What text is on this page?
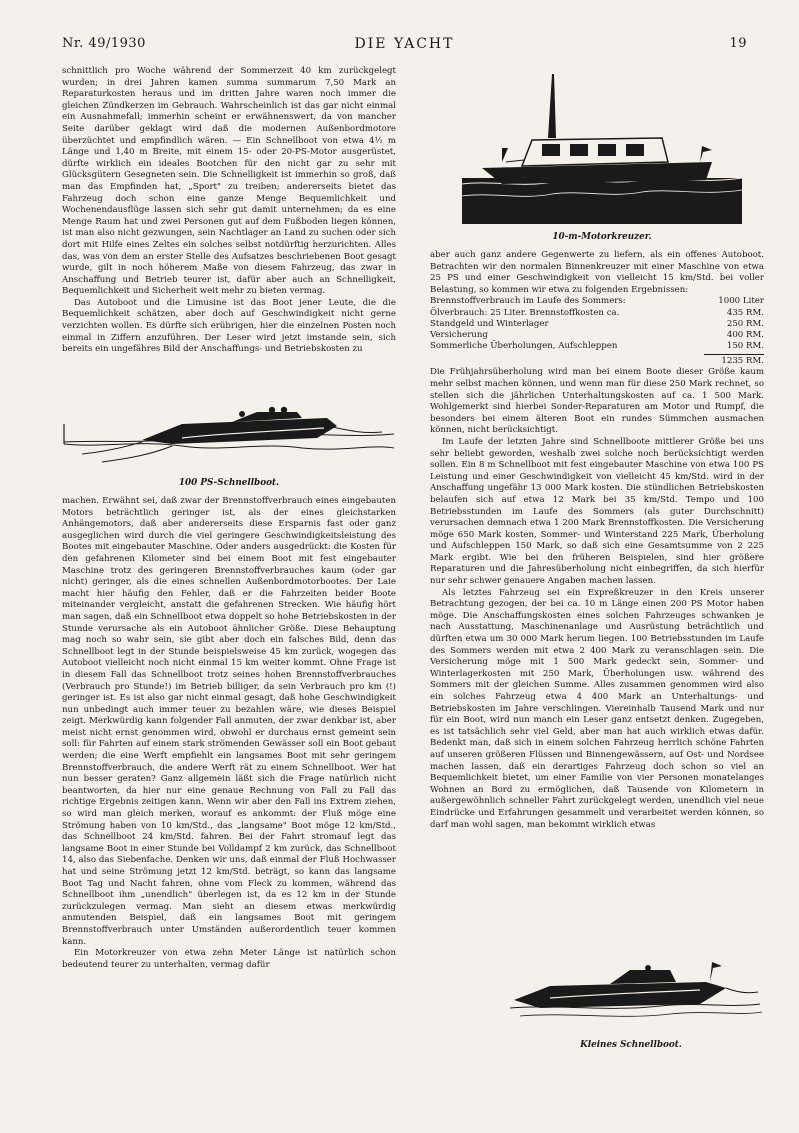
Nr. 49/1930	DIE YACHT	19

schnittlich pro Woche während der Sommerzeit 40 km zurückgelegt wurden; in drei Jahren kamen summa summarum 7,50 Mark an Reparaturkosten heraus und im dritten Jahre waren noch immer die gleichen Zündkerzen im Gebrauch. Wahrscheinlich ist das gar nicht einmal ein Ausnahmefall; immerhin scheint er erwähnenswert, da von mancher Seite darüber geklagt wird daß die modernen Außenbordmotore überzüchtet und empfindlich wären. — Ein Schnellboot von etwa 4½ m Länge und 1,40 m Breite, mit einem 15- oder 20-PS-Motor ausgerüstet, dürfte wirklich ein ideales Bootchen für den nicht gar zu sehr mit Glücksgütern Gesegneten sein. Die Schnelligkeit ist immerhin so groß, daß man das Empfinden hat, „Sport" zu treiben; andererseits bietet das Fahrzeug doch schon eine ganze Menge Bequemlichkeit und Wochenendausflüge lassen sich sehr gut damit unternehmen; da es eine Menge Raum hat und zwei Personen gut auf dem Fußboden liegen können, ist man also nicht gezwungen, sein Nachtlager an Land zu suchen oder sich dort mit Hilfe eines Zeltes ein solches selbst notdürftig herzurichten. Alles das, was von dem an erster Stelle des Aufsatzes beschriebenen Boot gesagt wurde, gilt in noch höherem Maße von diesem Fahrzeug, das zwar in Anschaffung und Betrieb teurer ist, dafür aber auch an Schnelligkeit, Bequemlichkeit und Sicherheit weit mehr zu bieten vermag.

Das Autoboot und die Limusine ist das Boot jener Leute, die die Bequemlichkeit schätzen, aber doch auf Geschwindigkeit nicht gerne verzichten wollen. Es dürfte sich erübrigen, hier die einzelnen Posten noch einmal in Ziffern anzuführen. Der Leser wird jetzt imstande sein, sich bereits ein ungefähres Bild der Anschaffungs- und Betriebskosten zu

100 PS-Schnellboot.

machen. Erwähnt sei, daß zwar der Brennstoffverbrauch eines eingebauten Motors beträchtlich geringer ist, als der eines gleichstarken Anhängemotors, daß aber andererseits diese Ersparnis fast oder ganz ausgeglichen wird durch die viel geringere Geschwindigkeitsleistung des Bootes mit eingebauter Maschine. Oder anders ausgedrückt: die Kosten für den gefahrenen Kilometer sind bei einem Boot mit fest eingebauter Maschine trotz des geringeren Brennstoffverbrauches kaum (oder gar nicht) geringer, als die eines schnellen Außenbordmotorbootes. Der Laie macht hier häufig den Fehler, daß er die Fahrzeiten beider Boote miteinander vergleicht, anstatt die gefahrenen Strecken. Wie häufig hört man sagen, daß ein Schnellboot etwa doppelt so hohe Betriebskosten in der Stunde verursache als ein Autoboot ähnlicher Größe. Diese Behauptung mag noch so wahr sein, sie gibt aber doch ein falsches Bild, denn das Schnellboot legt in der Stunde beispielsweise 45 km zurück, wogegen das Autoboot vielleicht noch nicht einmal 15 km weiter kommt. Ohne Frage ist in diesem Fall das Schnellboot trotz seines hohen Brennstoffverbrauches (Verbrauch pro Stunde!) im Betrieb billiger, da sein Verbrauch pro km (!) geringer ist. Es ist also gar nicht einmal gesagt, daß hohe Geschwindigkeit nun unbedingt auch immer teuer zu bezahlen wäre, wie dieses Beispiel zeigt. Merkwürdig kann folgender Fall anmuten, der zwar denkbar ist, aber meist nicht ernst genommen wird, obwohl er durchaus ernst gemeint sein soll: für Fahrten auf einem stark strömenden Gewässer soll ein Boot gebaut werden; die eine Werft empfiehlt ein langsames Boot mit sehr geringem Brennstoffverbrauch, die andere Werft rät zu einem Schnellboot. Wer hat nun besser geraten? Ganz allgemein läßt sich die Frage natürlich nicht beantworten, da hier nur eine genaue Rechnung von Fall zu Fall das richtige Ergebnis zeitigen kann. Wenn wir aber den Fall ins Extrem ziehen, so wird man gleich merken, worauf es ankommt: der Fluß möge eine Strömung haben von 10 km/Std., das „langsame" Boot möge 12 km/Std., das Schnellboot 24 km/Std. fahren. Bei der Fahrt stromauf legt das langsame Boot in einer Stunde bei Volldampf 2 km zurück, das Schnellboot 14, also das Siebenfache. Denken wir uns, daß einmal der Fluß Hochwasser hat und seine Strömung jetzt 12 km/Std. beträgt, so kann das langsame Boot Tag und Nacht fahren, ohne vom Fleck zu kommen, während das Schnellboot ihm „unendlich" überlegen ist, da es 12 km in der Stunde zurückzulegen vermag. Man sieht an diesem etwas merkwürdig anmutenden Beispiel, daß ein langsames Boot mit geringem Brennstoffverbrauch unter Umständen außerordentlich teuer kommen kann.

Ein Motorkreuzer von etwa zehn Meter Länge ist natürlich schon bedeutend teurer zu unterhalten, vermag dafür

10-m-Motorkreuzer.

aber auch ganz andere Gegenwerte zu liefern, als ein offenes Autoboot. Betrachten wir den normalen Binnenkreuzer mit einer Maschine von etwa 25 PS und einer Geschwindigkeit von vielleicht 15 km/Std. bei voller Belastung, so kommen wir etwa zu folgenden Ergebnissen:

Brennstoffverbrauch im Laufe des Sommers:	1000 Liter
Ölverbrauch: 25 Liter. Brennstoffkosten ca.	435 RM.
Standgeld und Winterlager	250 RM.
Versicherung	400 RM.
Sommerliche Überholungen, Aufschleppen	150 RM.
1235 RM.

Die Frühjahrsüberholung wird man bei einem Boote dieser Größe kaum mehr selbst machen können, und wenn man für diese 250 Mark rechnet, so stellen sich die jährlichen Unterhaltungskosten auf ca. 1 500 Mark. Wohlgemerkt sind hierbei Sonder-Reparaturen am Motor und Rumpf, die besonders bei einem älteren Boot ein rundes Sümmchen ausmachen können, nicht berücksichtigt.

Im Laufe der letzten Jahre sind Schnellboote mittlerer Größe bei uns sehr beliebt geworden, weshalb zwei solche noch berücksichtigt werden sollen. Ein 8 m Schnellboot mit fest eingebauter Maschine von etwa 100 PS Leistung und einer Geschwindigkeit von vielleicht 45 km/Std. wird in der Anschaffung ungefähr 13 000 Mark kosten. Die stündlichen Betriebskosten belaufen sich auf etwa 12 Mark bei 35 km/Std. Tempo und 100 Betriebsstunden im Laufe des Sommers (als guter Durchschnitt) verursachen demnach etwa 1 200 Mark Brennstoffkosten. Die Versicherung möge 650 Mark kosten, Sommer- und Winterstand 225 Mark, Überholung und Aufschleppen 150 Mark, so daß sich eine Gesamtsumme von 2 225 Mark ergibt. Wie bei den früheren Beispielen, sind hier größere Reparaturen und die Jahresüberholung nicht einbegriffen, da sich hierfür nur sehr schwer genauere Angaben machen lassen.

Als letztes Fahrzeug sei ein Expreßkreuzer in den Kreis unserer Betrachtung gezogen, der bei ca. 10 m Länge einen 200 PS Motor haben möge. Die Anschaffungskosten eines solchen Fahrzeuges schwanken je nach Ausstattung, Maschinenanlage und Ausrüstung beträchtlich und dürften etwa um 30 000 Mark herum liegen. 100 Betriebsstunden im Laufe des Sommers werden mit etwa 2 400 Mark zu veranschlagen sein. Die Versicherung möge mit 1 500 Mark gedeckt sein, Sommer- und Winterlagerkosten mit 250 Mark, Überholungen usw. während des Sommers mit der gleichen Summe. Alles zusammen genommen wird also ein solches Fahrzeug etwa 4 400 Mark an Unterhaltungs- und Betriebskosten im Jahre verschlingen. Viereinhalb Tausend Mark und nur für ein Boot, wird nun manch ein Leser ganz entsetzt denken. Zugegeben, es ist tatsächlich sehr viel Geld, aber man hat auch wirklich etwas dafür. Bedenkt man, daß sich in einem solchen Fahrzeug herrlich schöne Fahrten auf unseren größeren Flüssen und Binnengewässern, auf Ost- und Nordsee machen lassen, daß ein derartiges Fahrzeug doch schon so viel an Bequemlichkeit bietet, um einer Familie von vier Personen monatelanges Wohnen an Bord zu ermöglichen, daß Tausende von Kilometern in außergewöhnlich schneller Fahrt zurückgelegt werden, unendlich viel neue Eindrücke und Erfahrungen gesammelt und verarbeitet werden können, so darf man wohl sagen, man bekommt wirklich etwas

Kleines Schnellboot.
